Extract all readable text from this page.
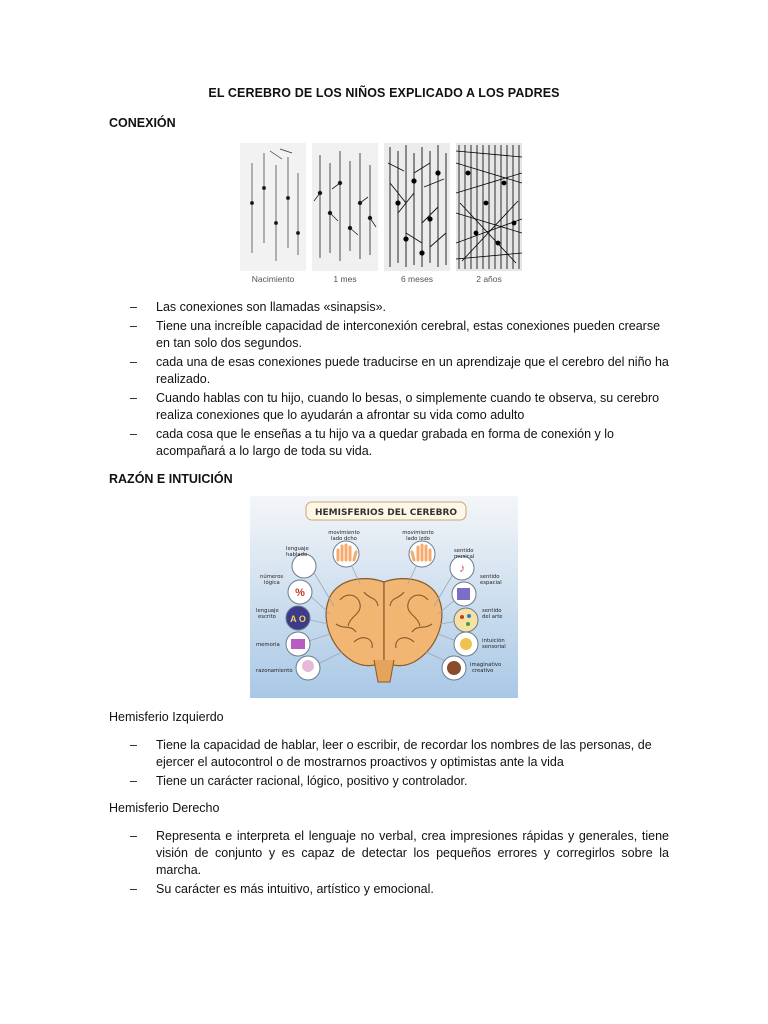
EL CEREBRO DE LOS NIÑOS EXPLICADO A LOS PADRES
CONEXIÓN
Nacimiento	1 mes	6 meses	2 años
– Las conexiones son llamadas «sinapsis».
– Tiene una increíble capacidad de interconexión cerebral, estas conexiones pueden crearse en tan solo dos segundos.
– cada una de esas conexiones puede traducirse en un aprendizaje que el cerebro del niño ha realizado.
– Cuando hablas con tu hijo, cuando lo besas, o simplemente cuando te observa, su cerebro realiza conexiones que lo ayudarán a afrontar su vida como adulto
– cada cosa que le enseñas a tu hijo va a quedar grabada en forma de conexión y lo acompañará a lo largo de toda su vida.
RAZÓN E INTUICIÓN
HEMISFERIOS DEL CEREBRO
%
A O
♪
movimiento
lado dcho
movimiento
lado izdo
lenguaje
hablado
números
lógica
lenguaje
escrito
memoria
razonamiento
sentido
musical
sentido
espacial
sentido
del arte
intuición
sensorial
imaginativo
creativo
Hemisferio Izquierdo
– Tiene la capacidad de hablar, leer o escribir, de recordar los nombres de las personas, de ejercer el autocontrol o de mostrarnos proactivos y optimistas ante la vida
– Tiene un carácter racional, lógico, positivo y controlador.
Hemisferio Derecho
– Representa e interpreta el lenguaje no verbal, crea impresiones rápidas y generales, tiene visión de conjunto y es capaz de detectar los pequeños errores y corregirlos sobre la marcha.
– Su carácter es más intuitivo, artístico y emocional.
